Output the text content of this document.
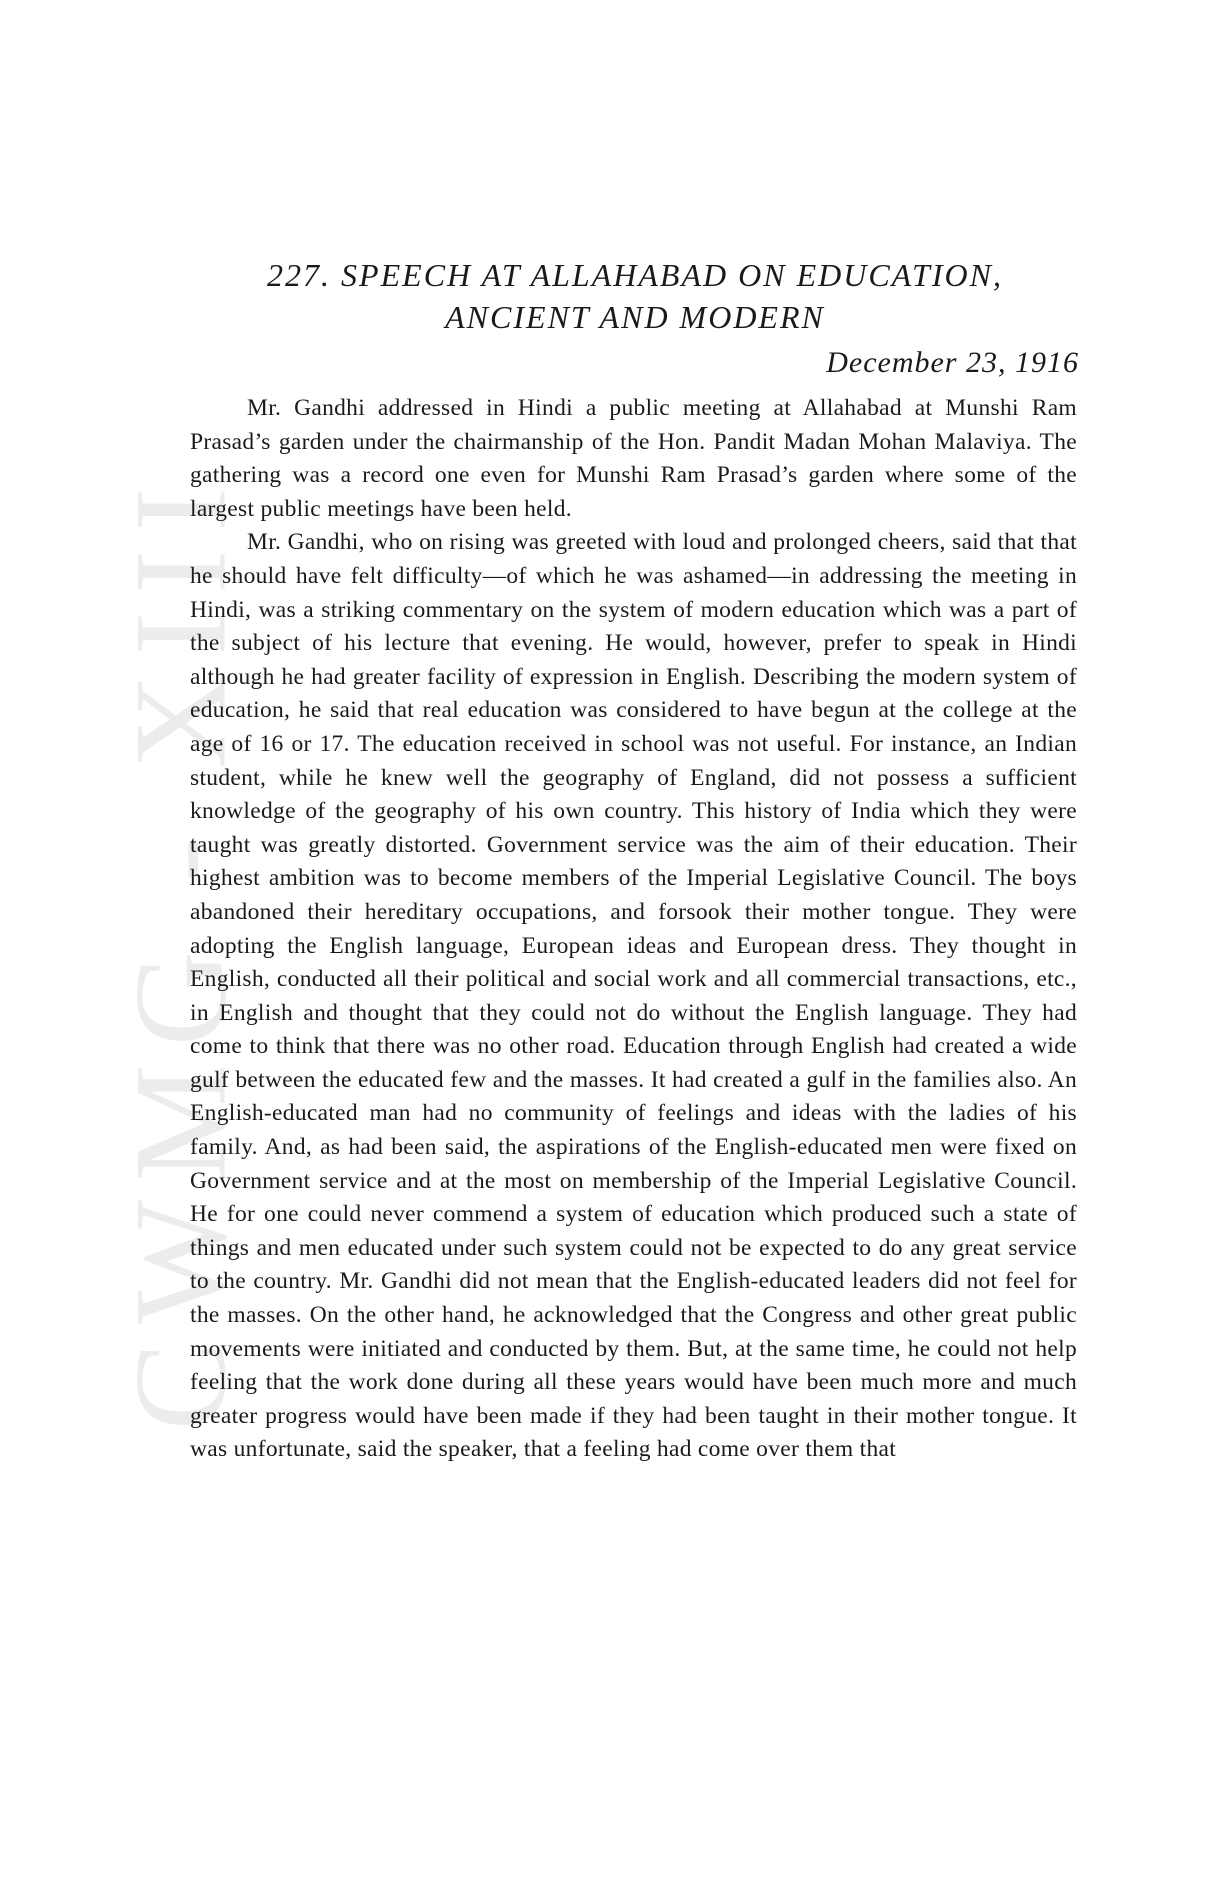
CWMG - XIII
227. SPEECH AT ALLAHABAD ON EDUCATION,
ANCIENT AND MODERN
December 23, 1916

Mr. Gandhi addressed in Hindi a public meeting at Allahabad at Munshi Ram Prasad’s garden under the chairmanship of the Hon. Pandit Madan Mohan Malaviya. The gathering was a record one even for Munshi Ram Prasad’s garden where some of the largest public meetings have been held.

Mr. Gandhi, who on rising was greeted with loud and prolonged cheers, said that that he should have felt difficulty—of which he was ashamed—in addressing the meeting in Hindi, was a striking commentary on the system of modern education which was a part of the subject of his lecture that evening. He would, however, prefer to speak in Hindi although he had greater facility of expression in English. Describing the modern system of education, he said that real education was considered to have begun at the college at the age of 16 or 17. The education received in school was not useful. For instance, an Indian student, while he knew well the geography of England, did not possess a sufficient knowledge of the geography of his own country. This history of India which they were taught was greatly distorted. Government service was the aim of their education. Their highest ambition was to become members of the Imperial Legislative Council. The boys abandoned their hereditary occupations, and forsook their mother tongue. They were adopting the English language, European ideas and European dress. They thought in English, conducted all their political and social work and all commercial transactions, etc., in English and thought that they could not do without the English language. They had come to think that there was no other road. Education through English had created a wide gulf between the educated few and the masses. It had created a gulf in the families also. An English-educated man had no community of feelings and ideas with the ladies of his family. And, as had been said, the aspirations of the English-educated men were fixed on Government service and at the most on membership of the Imperial Legislative Council. He for one could never commend a system of education which produced such a state of things and men educated under such system could not be expected to do any great service to the country. Mr. Gandhi did not mean that the English-educated leaders did not feel for the masses. On the other hand, he acknowledged that the Congress and other great public movements were initiated and conducted by them. But, at the same time, he could not help feeling that the work done during all these years would have been much more and much greater progress would have been made if they had been taught in their mother tongue. It was unfortunate, said the speaker, that a feeling had come over them that
